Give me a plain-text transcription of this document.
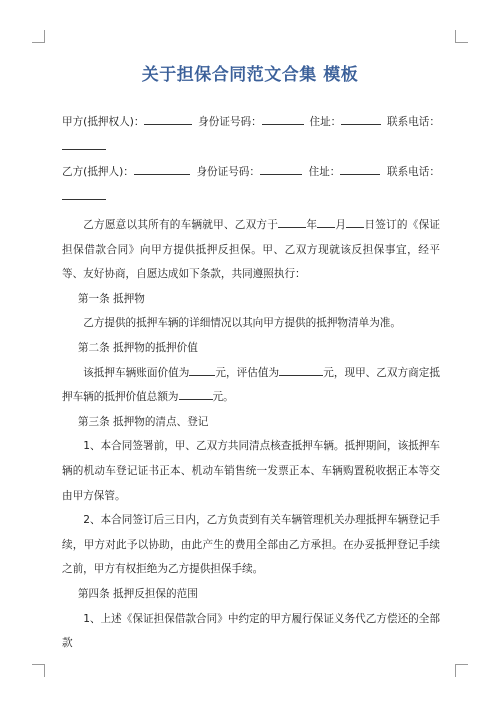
关于担保合同范文合集 模板
甲方(抵押权人)：	身份证号码：	住址：	联系电话：
乙方(抵押人)：	身份证号码：	住址：	联系电话：
乙方愿意以其所有的车辆就甲、乙双方于	年 月 日签订的《保证担保借款合同》向甲方提供抵押反担保。甲、乙双方现就该反担保事宜，经平等、友好协商，自愿达成如下条款，共同遵照执行：
第一条 抵押物
乙方提供的抵押车辆的详细情况以其向甲方提供的抵押物清单为准。
第二条 抵押物的抵押价值
该抵押车辆账面价值为 元，评估值为	元，现甲、乙双方商定抵押车辆的抵押价值总额为	元。
第三条 抵押物的清点、登记
1、本合同签署前，甲、乙双方共同清点核查抵押车辆。抵押期间，该抵押车辆的机动车登记证书正本、机动车销售统一发票正本、车辆购置税收据正本等交由甲方保管。
2、本合同签订后三日内，乙方负责到有关车辆管理机关办理抵押车辆登记手续，甲方对此予以协助，由此产生的费用全部由乙方承担。在办妥抵押登记手续之前，甲方有权拒绝为乙方提供担保手续。
第四条 抵押反担保的范围
1、上述《保证担保借款合同》中约定的甲方履行保证义务代乙方偿还的全部款
